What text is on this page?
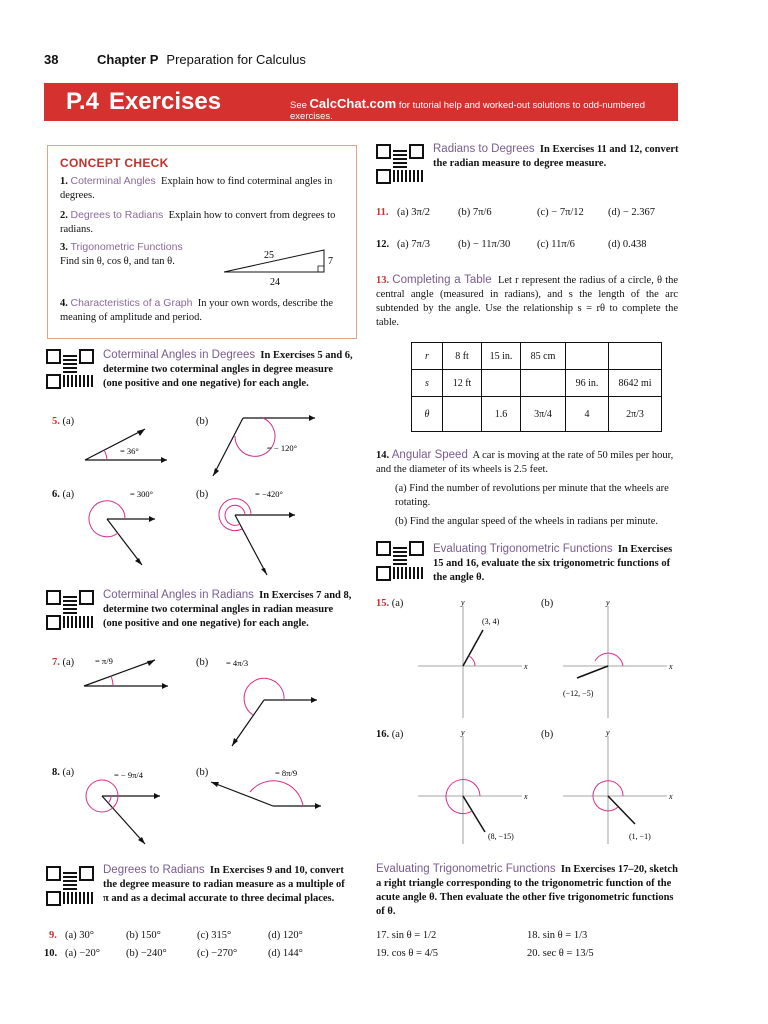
38	Chapter P Preparation for Calculus
P.4 Exercises	See CalcChat.com for tutorial help and worked-out solutions to odd-numbered exercises.
CONCEPT CHECK
1. Coterminal Angles Explain how to find coterminal angles in degrees.
2. Degrees to Radians Explain how to convert from degrees to radians.
3. Trigonometric Functions
Find sin θ, cos θ, and tan θ.
25
7
24
4. Characteristics of a Graph In your own words, describe the meaning of amplitude and period.
Coterminal Angles in Degrees In Exercises 5 and 6, determine two coterminal angles in degree measure (one positive and one negative) for each angle.
5. (a)	(b)
= 36°	= − 120°
6. (a)	(b)
= 300°	= −420°
Coterminal Angles in Radians In Exercises 7 and 8, determine two coterminal angles in radian measure (one positive and one negative) for each angle.
7. (a)	(b)
= π/9	= 4π/3
8. (a)	(b)
= − 9π/4	= 8π/9
Degrees to Radians In Exercises 9 and 10, convert the degree measure to radian measure as a multiple of π and as a decimal accurate to three decimal places.
9. (a) 30°	(b) 150°	(c) 315°	(d) 120°
10. (a) −20°	(b) −240°	(c) −270°	(d) 144°
Radians to Degrees In Exercises 11 and 12, convert the radian measure to degree measure.
11. (a) 3π/2	(b) 7π/6	(c) − 7π/12 (d) − 2.367
12. (a) 7π/3	(b) − 11π/30	(c) 11π/6	(d) 0.438
13. Completing a Table Let r represent the radius of a circle, θ the central angle (measured in radians), and s the length of the arc subtended by the angle. Use the relationship s = rθ to complete the table.
r	8 ft	15 in.	85 cm		
s	12 ft			96 in.	8642 mi
θ		1.6	3π/4	4	2π/3
14. Angular Speed A car is moving at the rate of 50 miles per hour, and the diameter of its wheels is 2.5 feet.
(a) Find the number of revolutions per minute that the wheels are rotating.
(b) Find the angular speed of the wheels in radians per minute.
Evaluating Trigonometric Functions In Exercises 15 and 16, evaluate the six trigonometric functions of the angle θ.
15. (a)	(b)
y
x
(3, 4)
y
x
(−12, −5)
16. (a)	(b)
y
x
(8, −15)
y
x
(1, −1)
Evaluating Trigonometric Functions In Exercises 17–20, sketch a right triangle corresponding to the trigonometric function of the acute angle θ. Then evaluate the other five trigonometric functions of θ.
17. sin θ = 1/2	18. sin θ = 1/3
19. cos θ = 4/5	20. sec θ = 13/5
